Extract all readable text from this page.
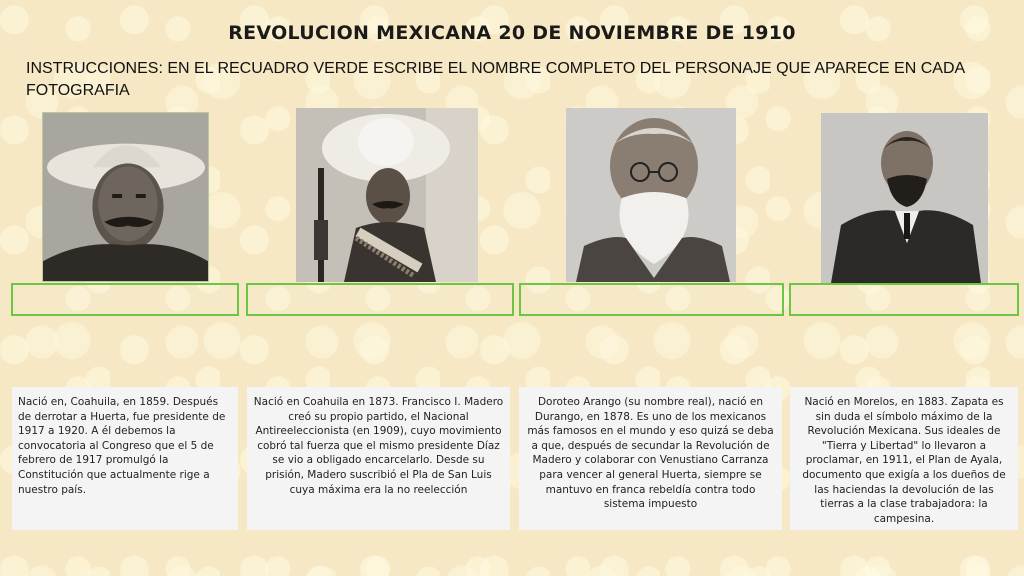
REVOLUCION MEXICANA 20 DE NOVIEMBRE DE 1910
INSTRUCCIONES: EN EL RECUADRO VERDE ESCRIBE EL NOMBRE COMPLETO DEL PERSONAJE QUE APARECE EN CADA FOTOGRAFIA
Nació en, Coahuila, en 1859. Después de derrotar a Huerta, fue presidente de 1917 a 1920. A él debemos la convocatoria al Congreso que el 5 de febrero de 1917 promulgó la Constitución que actualmente rige a nuestro país.
Nació en Coahuila en 1873. Francisco I. Madero creó su propio partido, el Nacional Antireeleccionista (en 1909), cuyo movimiento cobró tal fuerza que el mismo presidente Díaz se vio a obligado encarcelarlo. Desde su prisión, Madero suscribió el Pla de San Luis cuya máxima era la no reelección
Doroteo Arango (su nombre real), nació en Durango, en 1878. Es uno de los mexicanos más famosos en el mundo y eso quizá se deba a que, después de secundar la Revolución de Madero y colaborar con Venustiano Carranza para vencer al general Huerta, siempre se mantuvo en franca rebeldía contra todo sistema impuesto
Nació en Morelos, en 1883. Zapata es sin duda el símbolo máximo de la Revolución Mexicana. Sus ideales de "Tierra y Libertad" lo llevaron a proclamar, en 1911, el Plan de Ayala, documento que exigía a los dueños de las haciendas la devolución de las tierras a la clase trabajadora: la campesina.
